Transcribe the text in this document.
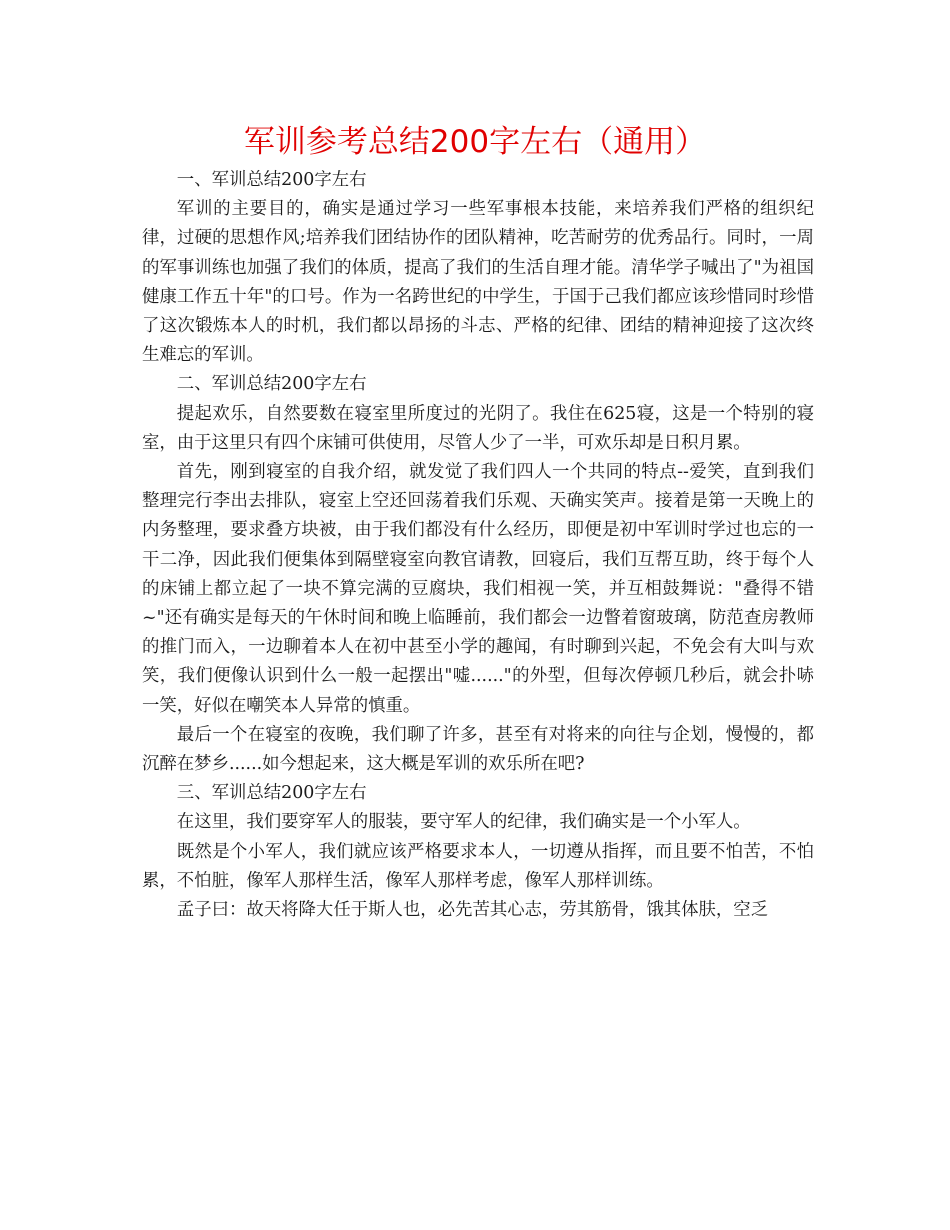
军训参考总结200字左右（通用）

一、军训总结200字左右

军训的主要目的，确实是通过学习一些军事根本技能，来培养我们严格的组织纪律，过硬的思想作风;培养我们团结协作的团队精神，吃苦耐劳的优秀品行。同时，一周的军事训练也加强了我们的体质，提高了我们的生活自理才能。清华学子喊出了"为祖国健康工作五十年"的口号。作为一名跨世纪的中学生，于国于己我们都应该珍惜同时珍惜了这次锻炼本人的时机，我们都以昂扬的斗志、严格的纪律、团结的精神迎接了这次终生难忘的军训。

二、军训总结200字左右

提起欢乐，自然要数在寝室里所度过的光阴了。我住在625寝，这是一个特别的寝室，由于这里只有四个床铺可供使用，尽管人少了一半，可欢乐却是日积月累。

首先，刚到寝室的自我介绍，就发觉了我们四人一个共同的特点--爱笑，直到我们整理完行李出去排队，寝室上空还回荡着我们乐观、天确实笑声。接着是第一天晚上的内务整理，要求叠方块被，由于我们都没有什么经历，即便是初中军训时学过也忘的一干二净，因此我们便集体到隔壁寝室向教官请教，回寝后，我们互帮互助，终于每个人的床铺上都立起了一块不算完满的豆腐块，我们相视一笑，并互相鼓舞说："叠得不错~"还有确实是每天的午休时间和晚上临睡前，我们都会一边瞥着窗玻璃，防范查房教师的推门而入，一边聊着本人在初中甚至小学的趣闻，有时聊到兴起，不免会有大叫与欢笑，我们便像认识到什么一般一起摆出"嘘......"的外型，但每次停顿几秒后，就会扑哧一笑，好似在嘲笑本人异常的慎重。

最后一个在寝室的夜晚，我们聊了许多，甚至有对将来的向往与企划，慢慢的，都沉醉在梦乡......如今想起来，这大概是军训的欢乐所在吧?

三、军训总结200字左右

在这里，我们要穿军人的服装，要守军人的纪律，我们确实是一个小军人。

既然是个小军人，我们就应该严格要求本人，一切遵从指挥，而且要不怕苦，不怕累，不怕脏，像军人那样生活，像军人那样考虑，像军人那样训练。

孟子曰：故天将降大任于斯人也，必先苦其心志，劳其筋骨，饿其体肤，空乏
